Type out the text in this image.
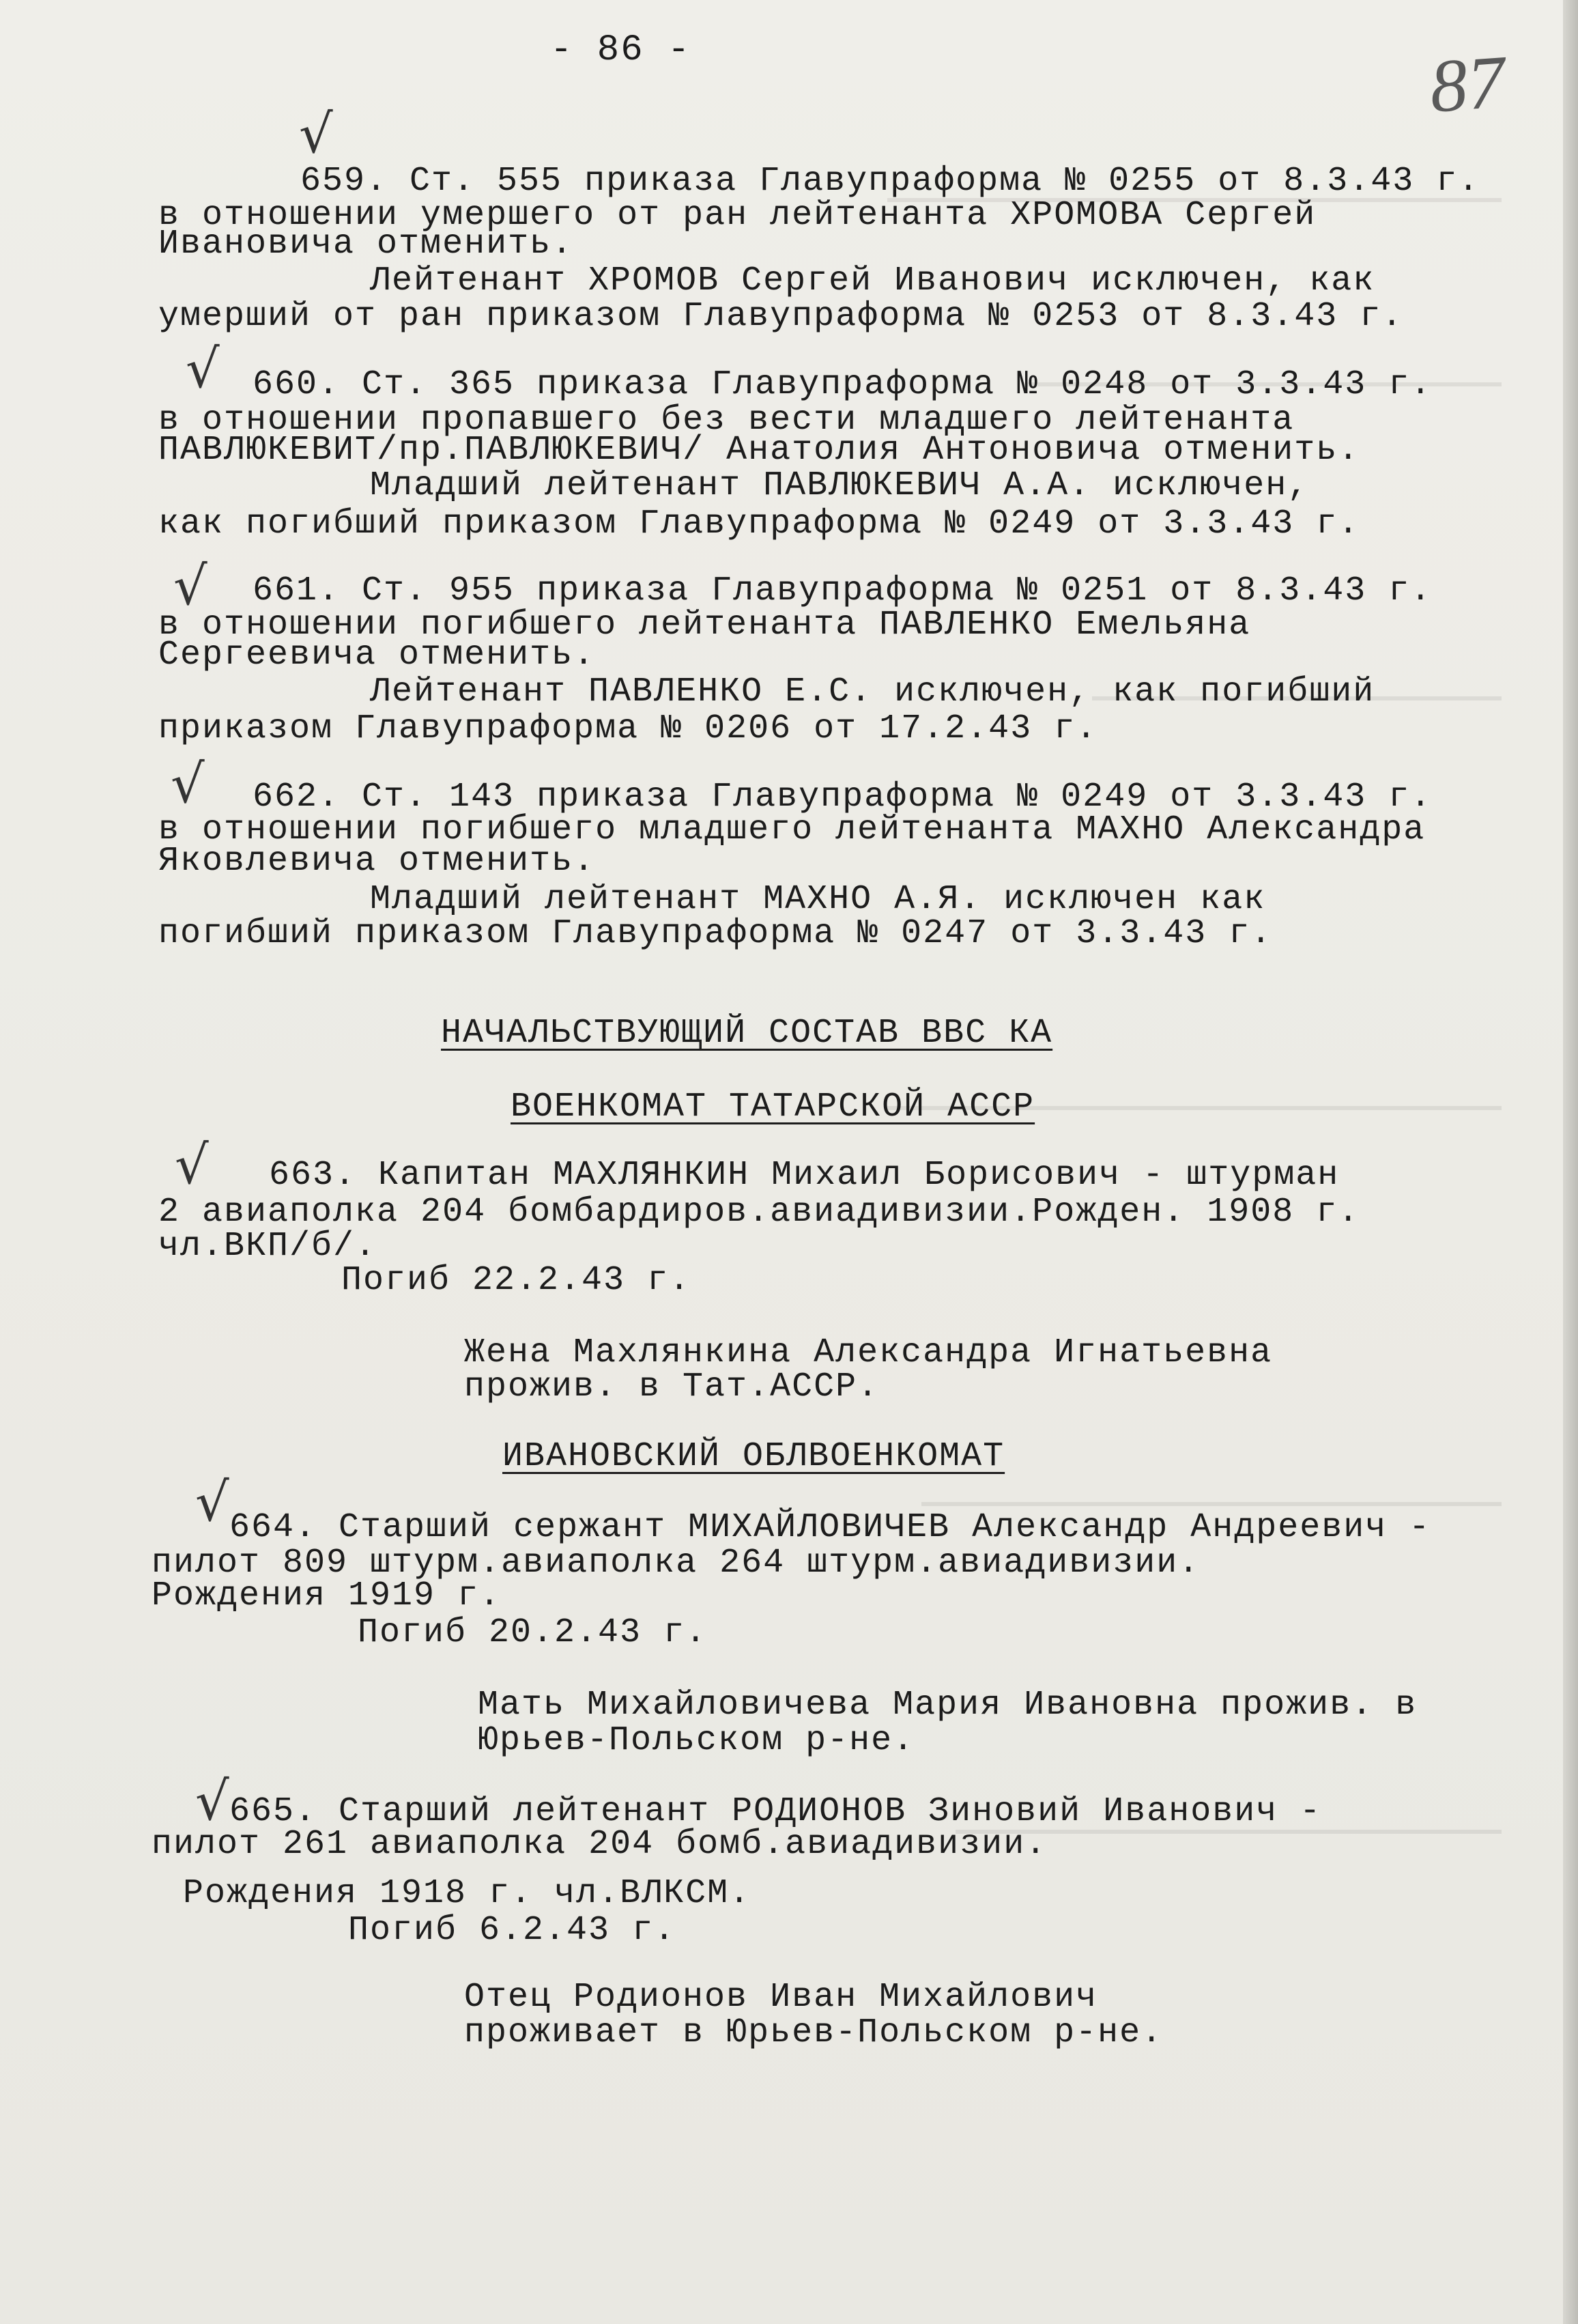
- 86 -	87
√
√
√
√
√
√
√
659. Ст. 555 приказа Главупраформа № 0255 от 8.3.43 г.
в отношении умершего от ран лейтенанта ХРОМОВА Сергей
Ивановича отменить.
Лейтенант ХРОМОВ Сергей Иванович исключен, как
умерший от ран приказом Главупраформа № 0253 от 8.3.43 г.
660. Ст. 365 приказа Главупраформа № 0248 от 3.3.43 г.
в отношении пропавшего без вести младшего лейтенанта
ПАВЛЮКЕВИТ/пр.ПАВЛЮКЕВИЧ/ Анатолия Антоновича отменить.
Младший лейтенант ПАВЛЮКЕВИЧ А.А. исключен,
как погибший приказом Главупраформа № 0249 от 3.3.43 г.
661. Ст. 955 приказа Главупраформа № 0251 от 8.3.43 г.
в отношении погибшего лейтенанта ПАВЛЕНКО Емельяна
Сергеевича отменить.
Лейтенант ПАВЛЕНКО Е.С. исключен, как погибший
приказом Главупраформа № 0206 от 17.2.43 г.
662. Ст. 143 приказа Главупраформа № 0249 от 3.3.43 г.
в отношении погибшего младшего лейтенанта МАХНО Александра
Яковлевича отменить.
Младший лейтенант МАХНО А.Я. исключен как
погибший приказом Главупраформа № 0247 от 3.3.43 г.
НАЧАЛЬСТВУЮЩИЙ СОСТАВ ВВС КА
ВОЕНКОМАТ ТАТАРСКОЙ АССР
663. Капитан МАХЛЯНКИН Михаил Борисович - штурман
2 авиаполка 204 бомбардиров.авиадивизии.Рожден. 1908 г.
чл.ВКП/б/.
Погиб 22.2.43 г.
Жена Махлянкина Александра Игнатьевна
прожив. в Тат.АССР.
ИВАНОВСКИЙ ОБЛВОЕНКОМАТ
664. Старший сержант МИХАЙЛОВИЧЕВ Александр Андреевич -
пилот 809 штурм.авиаполка 264 штурм.авиадивизии.
Рождения 1919 г.
Погиб 20.2.43 г.
Мать Михайловичева Мария Ивановна прожив. в
Юрьев-Польском р-не.
665. Старший лейтенант РОДИОНОВ Зиновий Иванович -
пилот 261 авиаполка 204 бомб.авиадивизии.
Рождения 1918 г. чл.ВЛКСМ.
Погиб 6.2.43 г.
Отец Родионов Иван Михайлович
проживает в Юрьев-Польском р-не.
